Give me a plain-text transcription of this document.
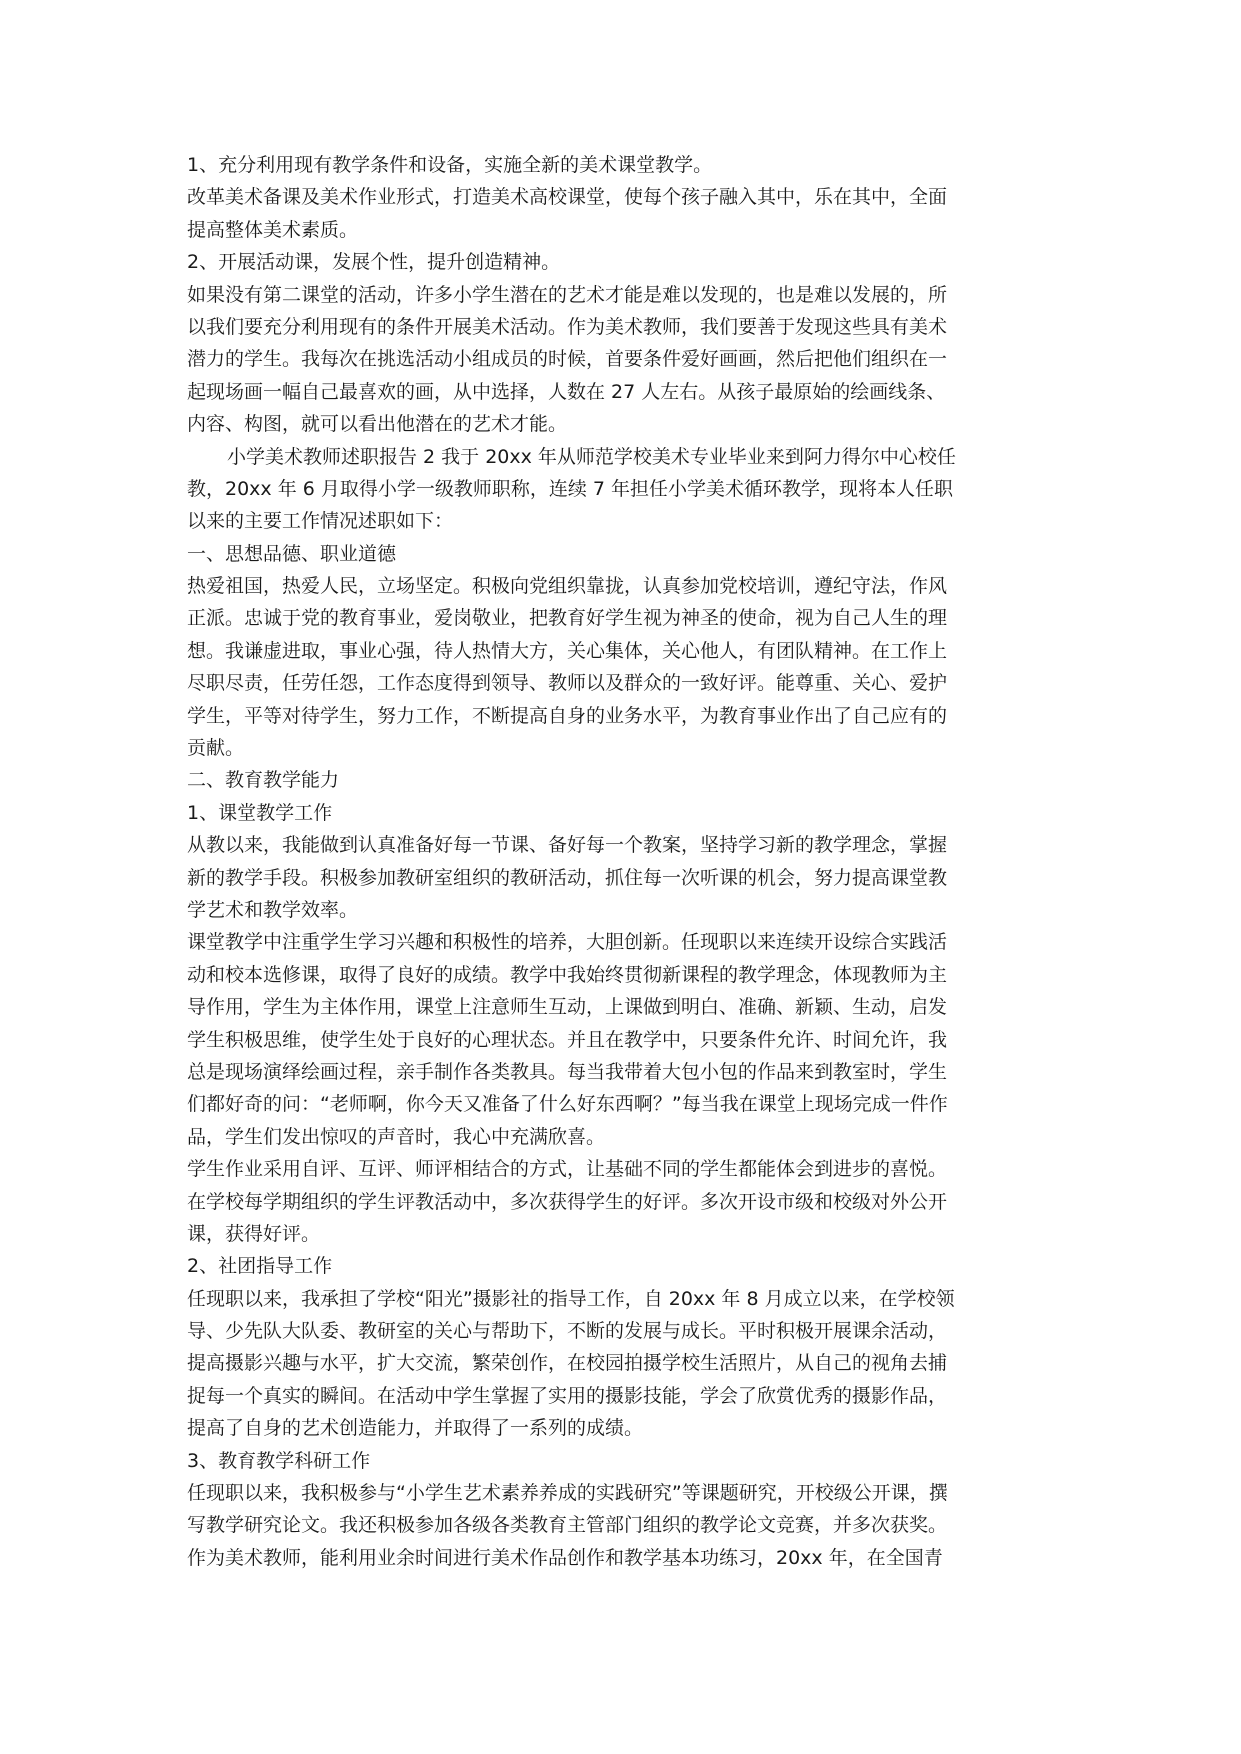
1、充分利用现有教学条件和设备，实施全新的美术课堂教学。
改革美术备课及美术作业形式，打造美术高校课堂，使每个孩子融入其中，乐在其中，全面
提高整体美术素质。
2、开展活动课，发展个性，提升创造精神。
如果没有第二课堂的活动，许多小学生潜在的艺术才能是难以发现的，也是难以发展的，所
以我们要充分利用现有的条件开展美术活动。作为美术教师，我们要善于发现这些具有美术
潜力的学生。我每次在挑选活动小组成员的时候，首要条件爱好画画，然后把他们组织在一
起现场画一幅自己最喜欢的画，从中选择，人数在 27 人左右。从孩子最原始的绘画线条、
内容、构图，就可以看出他潜在的艺术才能。
小学美术教师述职报告 2 我于 20xx 年从师范学校美术专业毕业来到阿力得尔中心校任
教，20xx 年 6 月取得小学一级教师职称，连续 7 年担任小学美术循环教学，现将本人任职
以来的主要工作情况述职如下：
一、思想品德、职业道德
热爱祖国，热爱人民，立场坚定。积极向党组织靠拢，认真参加党校培训，遵纪守法，作风
正派。忠诚于党的教育事业，爱岗敬业，把教育好学生视为神圣的使命，视为自己人生的理
想。我谦虚进取，事业心强，待人热情大方，关心集体，关心他人，有团队精神。在工作上
尽职尽责，任劳任怨，工作态度得到领导、教师以及群众的一致好评。能尊重、关心、爱护
学生，平等对待学生，努力工作，不断提高自身的业务水平，为教育事业作出了自己应有的
贡献。
二、教育教学能力
1、课堂教学工作
从教以来，我能做到认真准备好每一节课、备好每一个教案，坚持学习新的教学理念，掌握
新的教学手段。积极参加教研室组织的教研活动，抓住每一次听课的机会，努力提高课堂教
学艺术和教学效率。
课堂教学中注重学生学习兴趣和积极性的培养，大胆创新。任现职以来连续开设综合实践活
动和校本选修课，取得了良好的成绩。教学中我始终贯彻新课程的教学理念，体现教师为主
导作用，学生为主体作用，课堂上注意师生互动，上课做到明白、准确、新颖、生动，启发
学生积极思维，使学生处于良好的心理状态。并且在教学中，只要条件允许、时间允许，我
总是现场演绎绘画过程，亲手制作各类教具。每当我带着大包小包的作品来到教室时，学生
们都好奇的问：“老师啊，你今天又准备了什么好东西啊？”每当我在课堂上现场完成一件作
品，学生们发出惊叹的声音时，我心中充满欣喜。
学生作业采用自评、互评、师评相结合的方式，让基础不同的学生都能体会到进步的喜悦。
在学校每学期组织的学生评教活动中，多次获得学生的好评。多次开设市级和校级对外公开
课，获得好评。
2、社团指导工作
任现职以来，我承担了学校“阳光”摄影社的指导工作，自 20xx 年 8 月成立以来，在学校领
导、少先队大队委、教研室的关心与帮助下，不断的发展与成长。平时积极开展课余活动，
提高摄影兴趣与水平，扩大交流，繁荣创作，在校园拍摄学校生活照片，从自己的视角去捕
捉每一个真实的瞬间。在活动中学生掌握了实用的摄影技能，学会了欣赏优秀的摄影作品，
提高了自身的艺术创造能力，并取得了一系列的成绩。
3、教育教学科研工作
任现职以来，我积极参与“小学生艺术素养养成的实践研究”等课题研究，开校级公开课，撰
写教学研究论文。我还积极参加各级各类教育主管部门组织的教学论文竞赛，并多次获奖。
作为美术教师，能利用业余时间进行美术作品创作和教学基本功练习，20xx 年，在全国青
